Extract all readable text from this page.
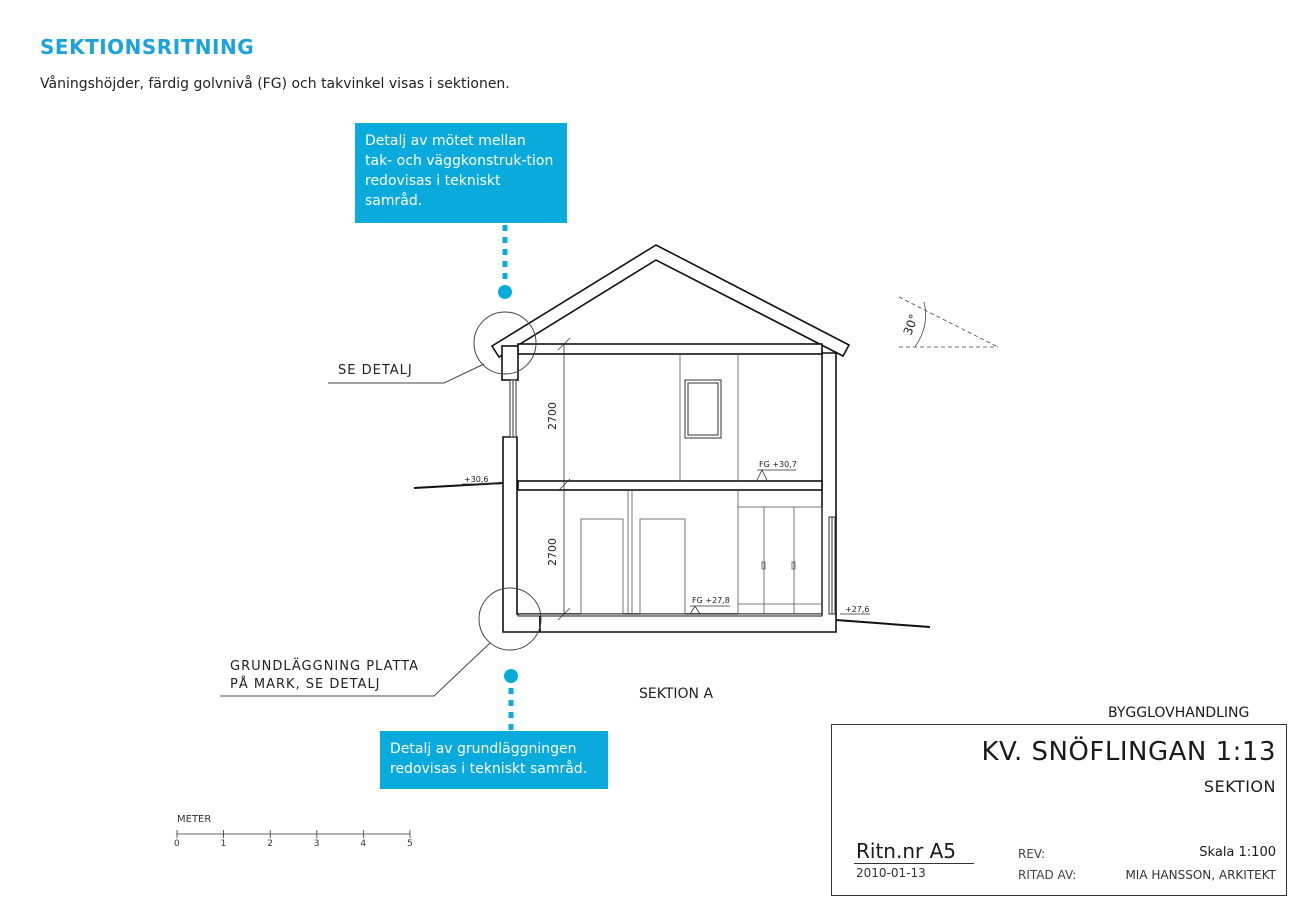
SEKTIONSRITNING
Våningshöjder, färdig golvnivå (FG) och takvinkel visas i sektionen.
Detalj av mötet mellan tak- och väggkonstruk-tion redovisas i tekniskt samråd.
Detalj av grundläggningen redovisas i tekniskt samråd.
SE DETALJ
GRUNDLÄGGNING PLATTA
PÅ MARK, SE DETALJ
+30,6
FG +30,7
FG +27,8
+27,6
2700
2700
30°
SEKTION A
METER
0	1	2	3	4	5
BYGGLOVHANDLING
KV. SNÖFLINGAN 1:13
SEKTION
Ritn.nr A5	REV:	Skala 1:100
2010-01-13	RITAD AV:	MIA HANSSON, ARKITEKT
